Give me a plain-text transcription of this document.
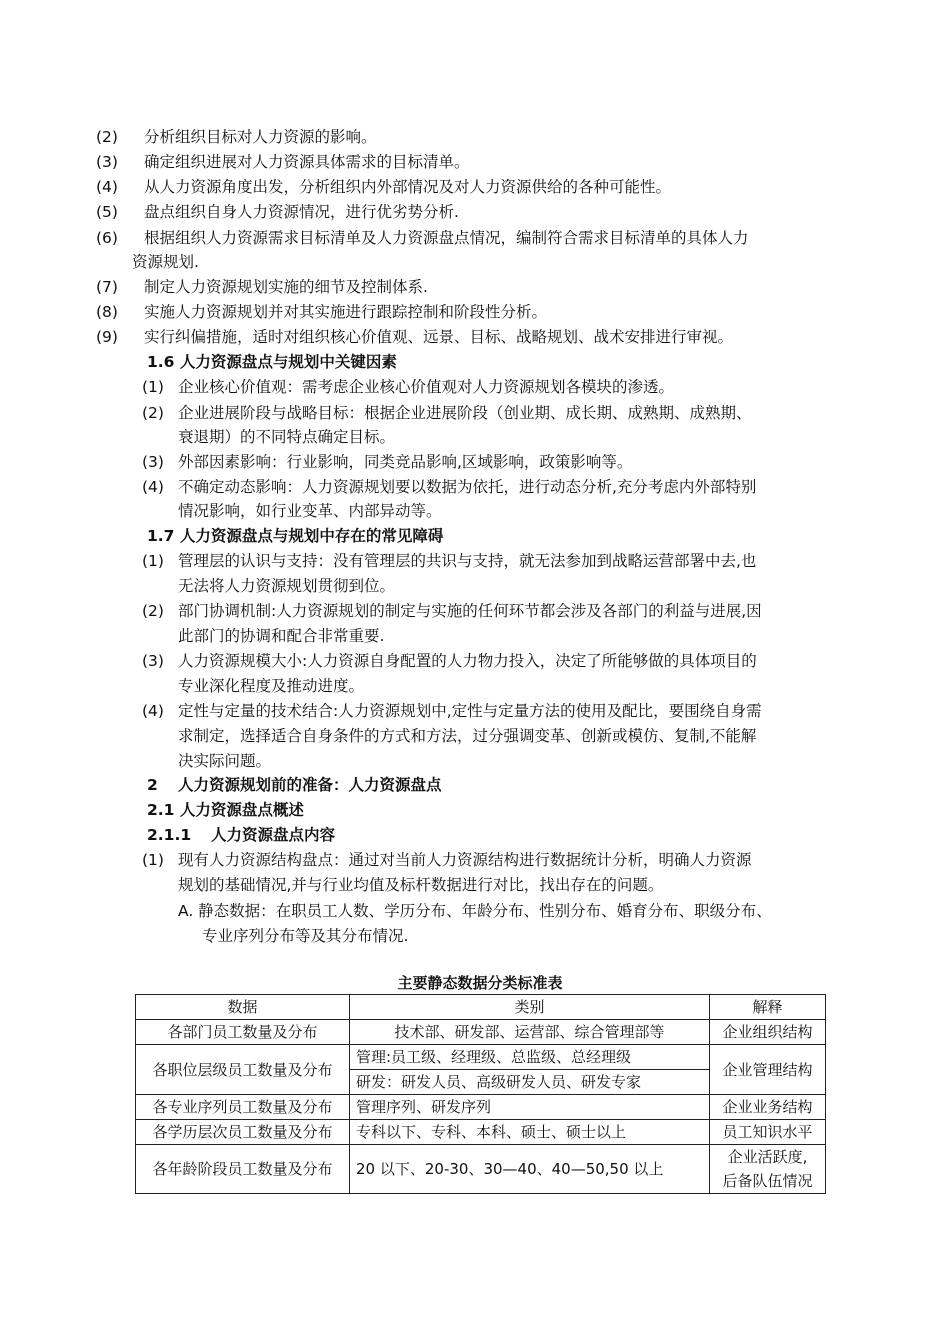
(2) 分析组织目标对人力资源的影响。
(3) 确定组织进展对人力资源具体需求的目标清单。
(4) 从人力资源角度出发，分析组织内外部情况及对人力资源供给的各种可能性。
(5) 盘点组织自身人力资源情况，进行优劣势分析.
(6) 根据组织人力资源需求目标清单及人力资源盘点情况，编制符合需求目标清单的具体人力
资源规划.
(7) 制定人力资源规划实施的细节及控制体系.
(8) 实施人力资源规划并对其实施进行跟踪控制和阶段性分析。
(9) 实行纠偏措施，适时对组织核心价值观、远景、目标、战略规划、战术安排进行审视。
1.6 人力资源盘点与规划中关键因素
(1) 企业核心价值观：需考虑企业核心价值观对人力资源规划各模块的渗透。
(2) 企业进展阶段与战略目标：根据企业进展阶段（创业期、成长期、成熟期、成熟期、
衰退期）的不同特点确定目标。
(3) 外部因素影响：行业影响，同类竞品影响,区域影响，政策影响等。
(4) 不确定动态影响：人力资源规划要以数据为依托，进行动态分析,充分考虑内外部特别
情况影响，如行业变革、内部异动等。
1.7 人力资源盘点与规划中存在的常见障碍
(1) 管理层的认识与支持：没有管理层的共识与支持，就无法参加到战略运营部署中去,也
无法将人力资源规划贯彻到位。
(2) 部门协调机制:人力资源规划的制定与实施的任何环节都会涉及各部门的利益与进展,因
此部门的协调和配合非常重要.
(3) 人力资源规模大小:人力资源自身配置的人力物力投入，决定了所能够做的具体项目的
专业深化程度及推动进度。
(4) 定性与定量的技术结合:人力资源规划中,定性与定量方法的使用及配比，要围绕自身需
求制定，选择适合自身条件的方式和方法，过分强调变革、创新或模仿、复制,不能解
决实际问题。
2 人力资源规划前的准备：人力资源盘点
2.1 人力资源盘点概述
2.1.1 人力资源盘点内容
(1) 现有人力资源结构盘点：通过对当前人力资源结构进行数据统计分析，明确人力资源
规划的基础情况,并与行业均值及标杆数据进行对比，找出存在的问题。
A. 静态数据：在职员工人数、学历分布、年龄分布、性别分布、婚育分布、职级分布、
专业序列分布等及其分布情况.
主要静态数据分类标准表
数据	类别	解释
各部门员工数量及分布	技术部、研发部、运营部、综合管理部等	企业组织结构
各职位层级员工数量及分布	管理:员工级、经理级、总监级、总经理级	企业管理结构
	研发：研发人员、高级研发人员、研发专家	
各专业序列员工数量及分布	管理序列、研发序列	企业业务结构
各学历层次员工数量及分布	专科以下、专科、本科、硕士、硕士以上	员工知识水平
各年龄阶段员工数量及分布	20 以下、20-30、30—40、40—50,50 以上	企业活跃度,
后备队伍情况
